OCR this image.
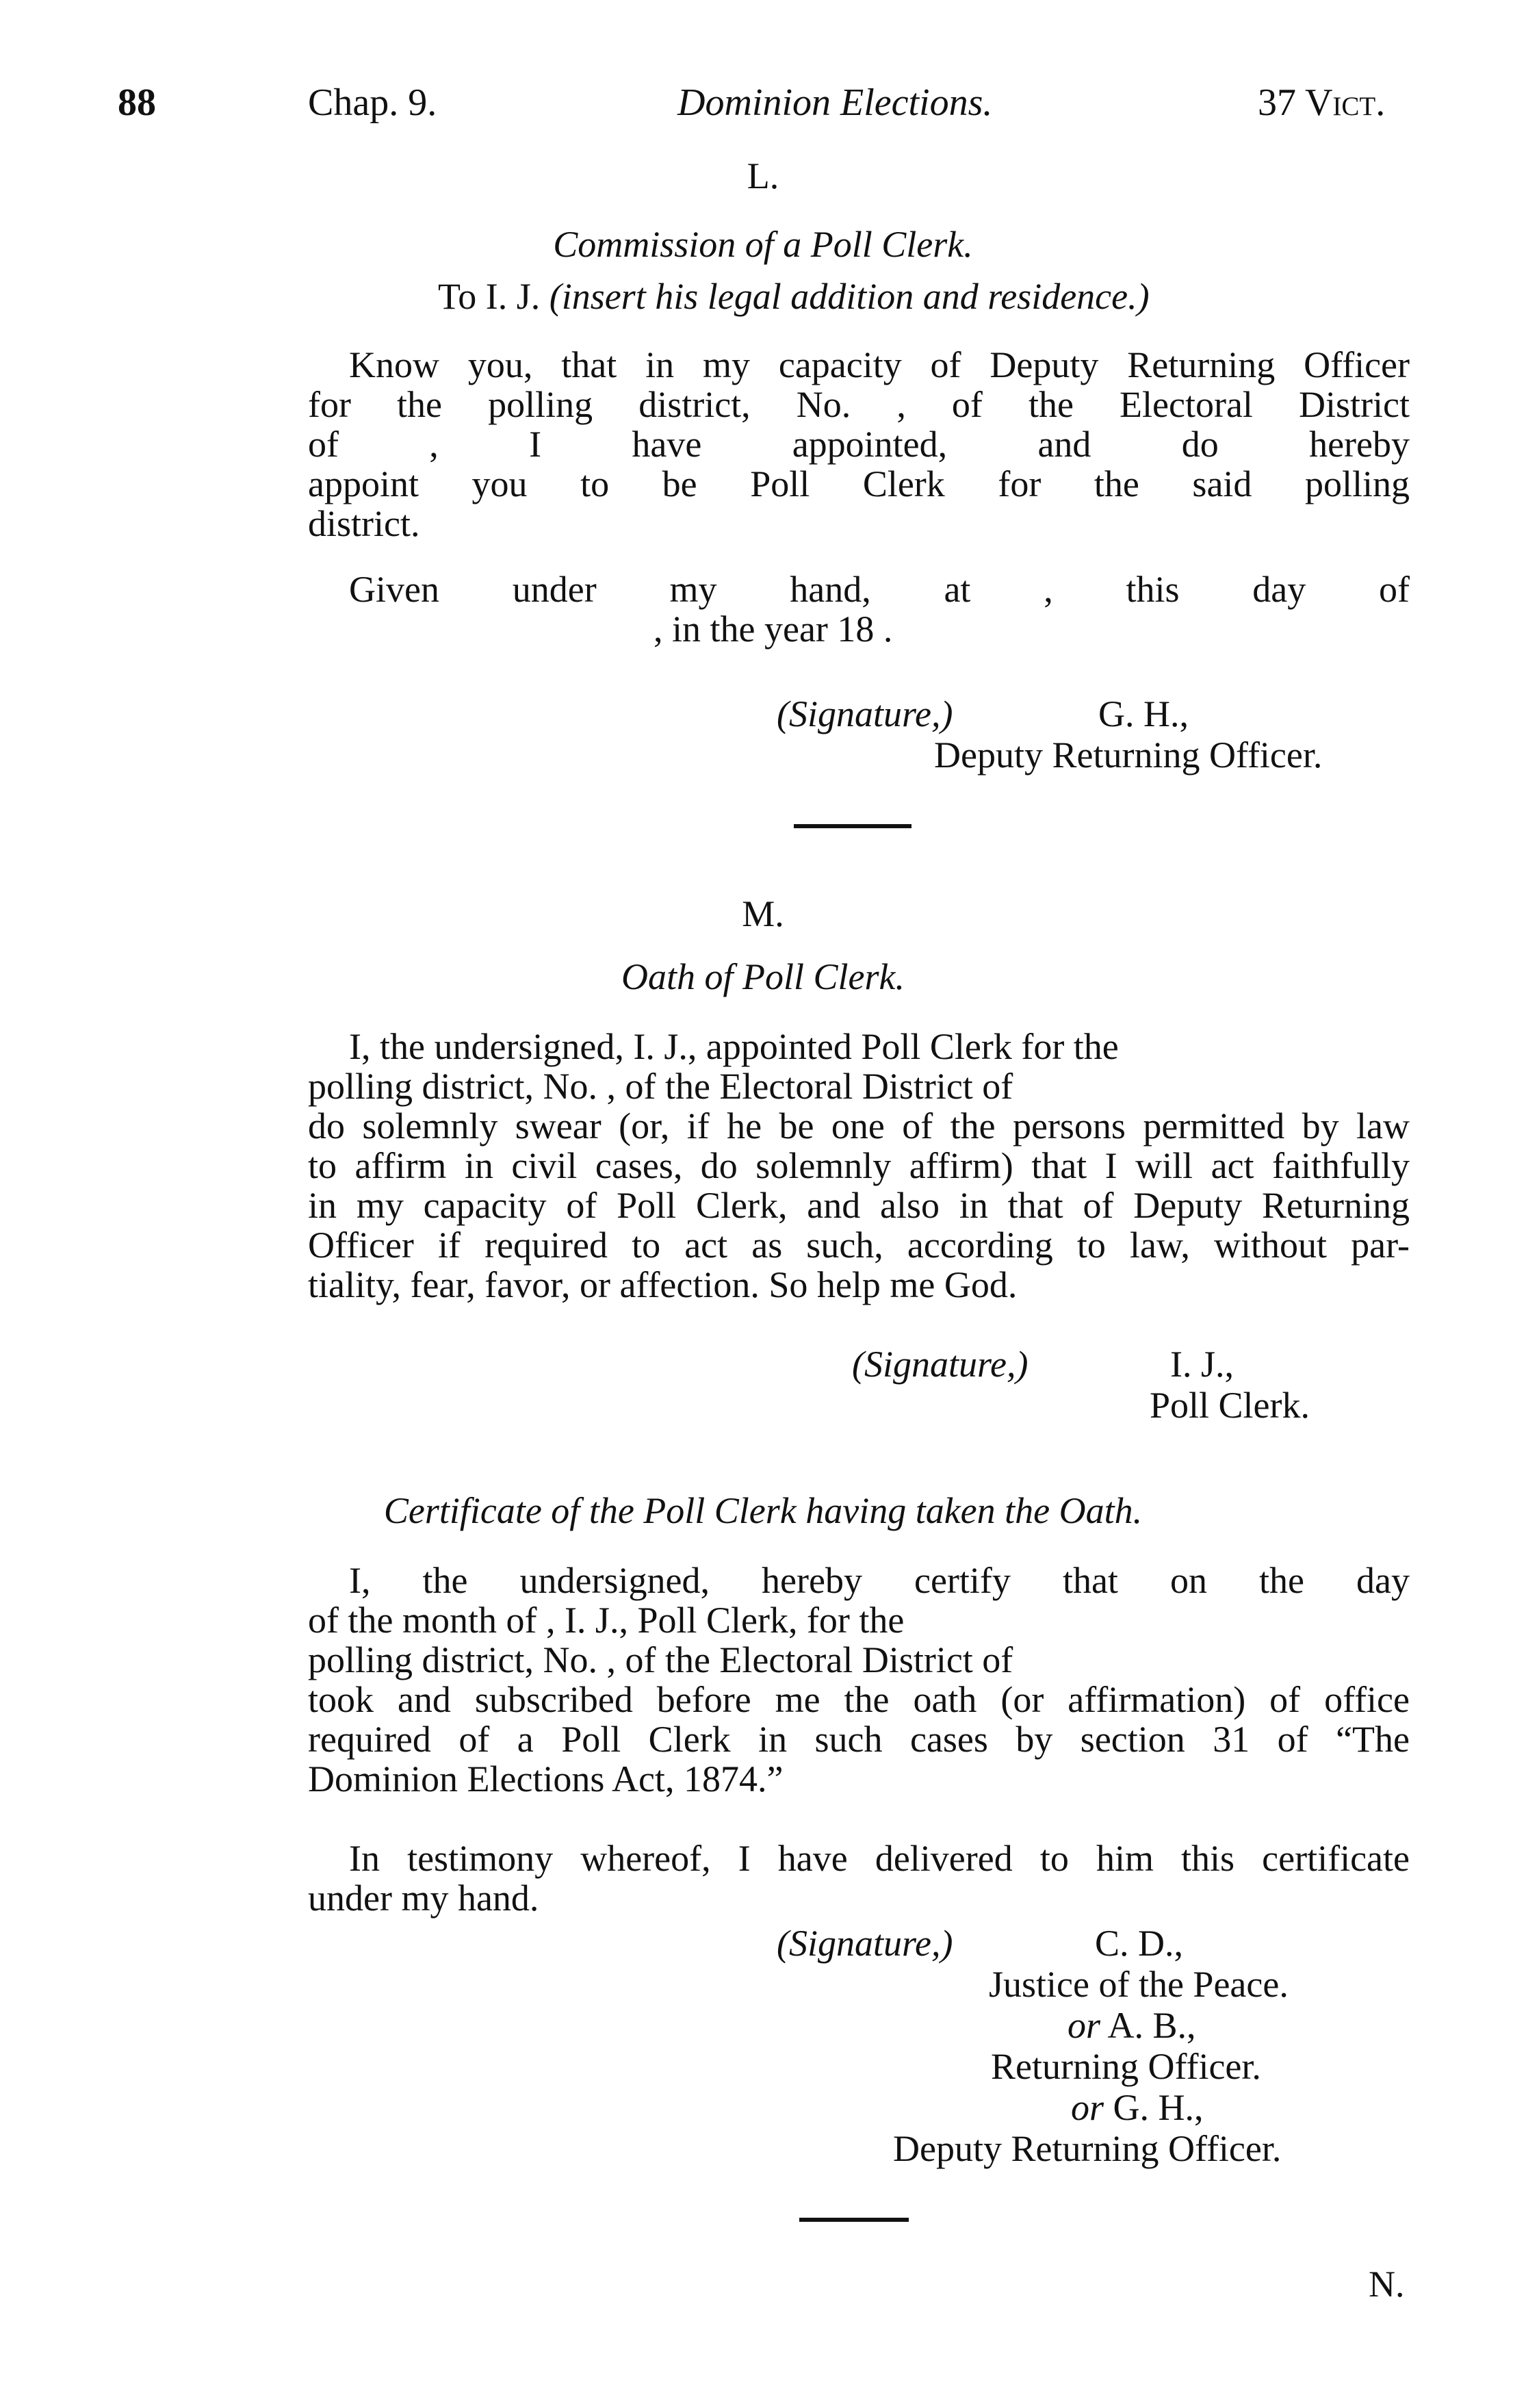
88	Chap. 9.	Dominion Elections.	37 Vict.
L.
Commission of a Poll Clerk.
To I. J. (insert his legal addition and residence.)
Know you, that in my capacity of Deputy Returning Officer
for the polling district, No. , of the Electoral District
of , I have appointed, and do hereby
appoint you to be Poll Clerk for the said polling
district.
Given under my hand, at , this day of
, in the year 18 .
(Signature,)	G. H.,
Deputy Returning Officer.
M.
Oath of Poll Clerk.
I, the undersigned, I. J., appointed Poll Clerk for the
polling district, No. , of the Electoral District of
do solemnly swear (or, if he be one of the persons permitted by law
to affirm in civil cases, do solemnly affirm) that I will act faithfully
in my capacity of Poll Clerk, and also in that of Deputy Returning
Officer if required to act as such, according to law, without par-
tiality, fear, favor, or affection. So help me God.
(Signature,)	I. J.,
Poll Clerk.
Certificate of the Poll Clerk having taken the Oath.
I, the undersigned, hereby certify that on the day
of the month of , I. J., Poll Clerk, for the
polling district, No. , of the Electoral District of
took and subscribed before me the oath (or affirmation) of office
required of a Poll Clerk in such cases by section 31 of “The
Dominion Elections Act, 1874.”
In testimony whereof, I have delivered to him this certificate
under my hand.
(Signature,)	C. D.,
Justice of the Peace.
or A. B.,
Returning Officer.
or G. H.,
Deputy Returning Officer.
N.
